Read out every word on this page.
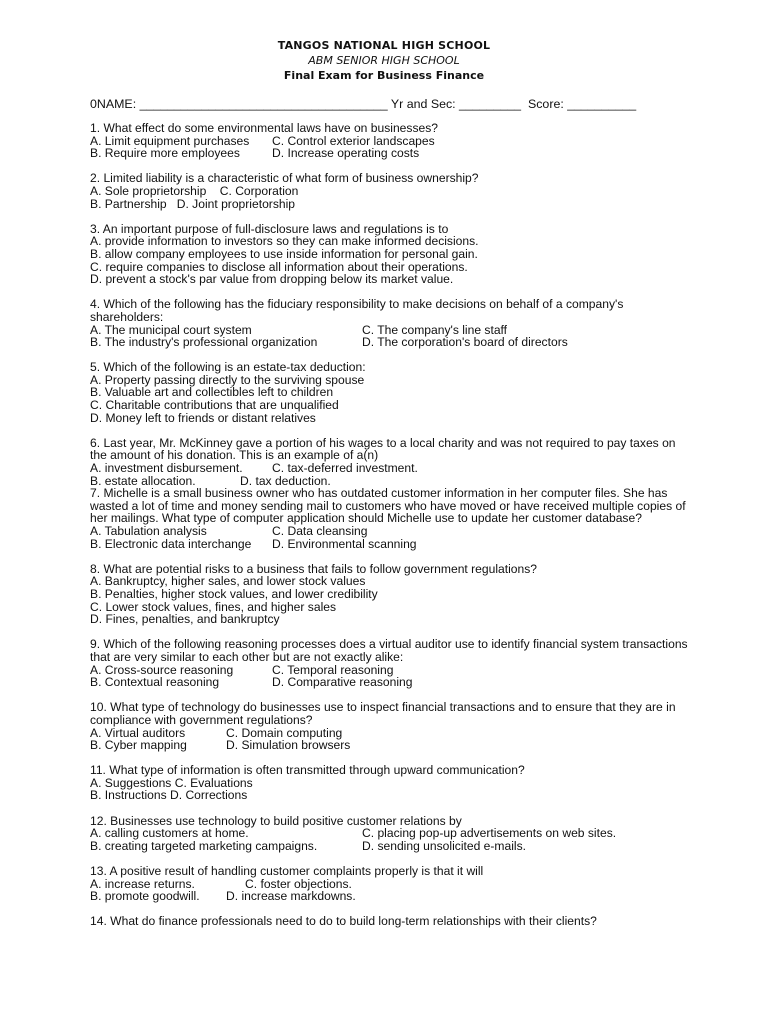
TANGOS NATIONAL HIGH SCHOOL
ABM SENIOR HIGH SCHOOL
Final Exam for Business Finance
0NAME: ____________________________________ Yr and Sec: _________  Score: __________
1. What effect do some environmental laws have on businesses?
A. Limit equipment purchases	C. Control exterior landscapes
B. Require more employees	D. Increase operating costs
2. Limited liability is a characteristic of what form of business ownership?
A. Sole proprietorship    C. Corporation
B. Partnership   D. Joint proprietorship
3. An important purpose of full-disclosure laws and regulations is to
A. provide information to investors so they can make informed decisions.
B. allow company employees to use inside information for personal gain.
C. require companies to disclose all information about their operations.
D. prevent a stock's par value from dropping below its market value.
4. Which of the following has the fiduciary responsibility to make decisions on behalf of a company's shareholders:
A. The municipal court system	C. The company's line staff
B. The industry's professional organization	D. The corporation's board of directors
5. Which of the following is an estate-tax deduction:
A. Property passing directly to the surviving spouse
B. Valuable art and collectibles left to children
C. Charitable contributions that are unqualified
D. Money left to friends or distant relatives
6. Last year, Mr. McKinney gave a portion of his wages to a local charity and was not required to pay taxes on the amount of his donation. This is an example of a(n)
A. investment disbursement.	C. tax-deferred investment.
B. estate allocation.	D. tax deduction.
7. Michelle is a small business owner who has outdated customer information in her computer files. She has wasted a lot of time and money sending mail to customers who have moved or have received multiple copies of her mailings. What type of computer application should Michelle use to update her customer database?
A. Tabulation analysis	C. Data cleansing
B. Electronic data interchange	D. Environmental scanning
8. What are potential risks to a business that fails to follow government regulations?
A. Bankruptcy, higher sales, and lower stock values
B. Penalties, higher stock values, and lower credibility
C. Lower stock values, fines, and higher sales
D. Fines, penalties, and bankruptcy
9. Which of the following reasoning processes does a virtual auditor use to identify financial system transactions that are very similar to each other but are not exactly alike:
A. Cross-source reasoning	C. Temporal reasoning
B. Contextual reasoning	D. Comparative reasoning
10. What type of technology do businesses use to inspect financial transactions and to ensure that they are in compliance with government regulations?
A. Virtual auditors	C. Domain computing
B. Cyber mapping	D. Simulation browsers
11. What type of information is often transmitted through upward communication?
A. Suggestions C. Evaluations
B. Instructions D. Corrections
12. Businesses use technology to build positive customer relations by
A. calling customers at home.	C. placing pop-up advertisements on web sites.
B. creating targeted marketing campaigns.	D. sending unsolicited e-mails.
13. A positive result of handling customer complaints properly is that it will
A. increase returns.	C. foster objections.
B. promote goodwill.	D. increase markdowns.
14. What do finance professionals need to do to build long-term relationships with their clients?
